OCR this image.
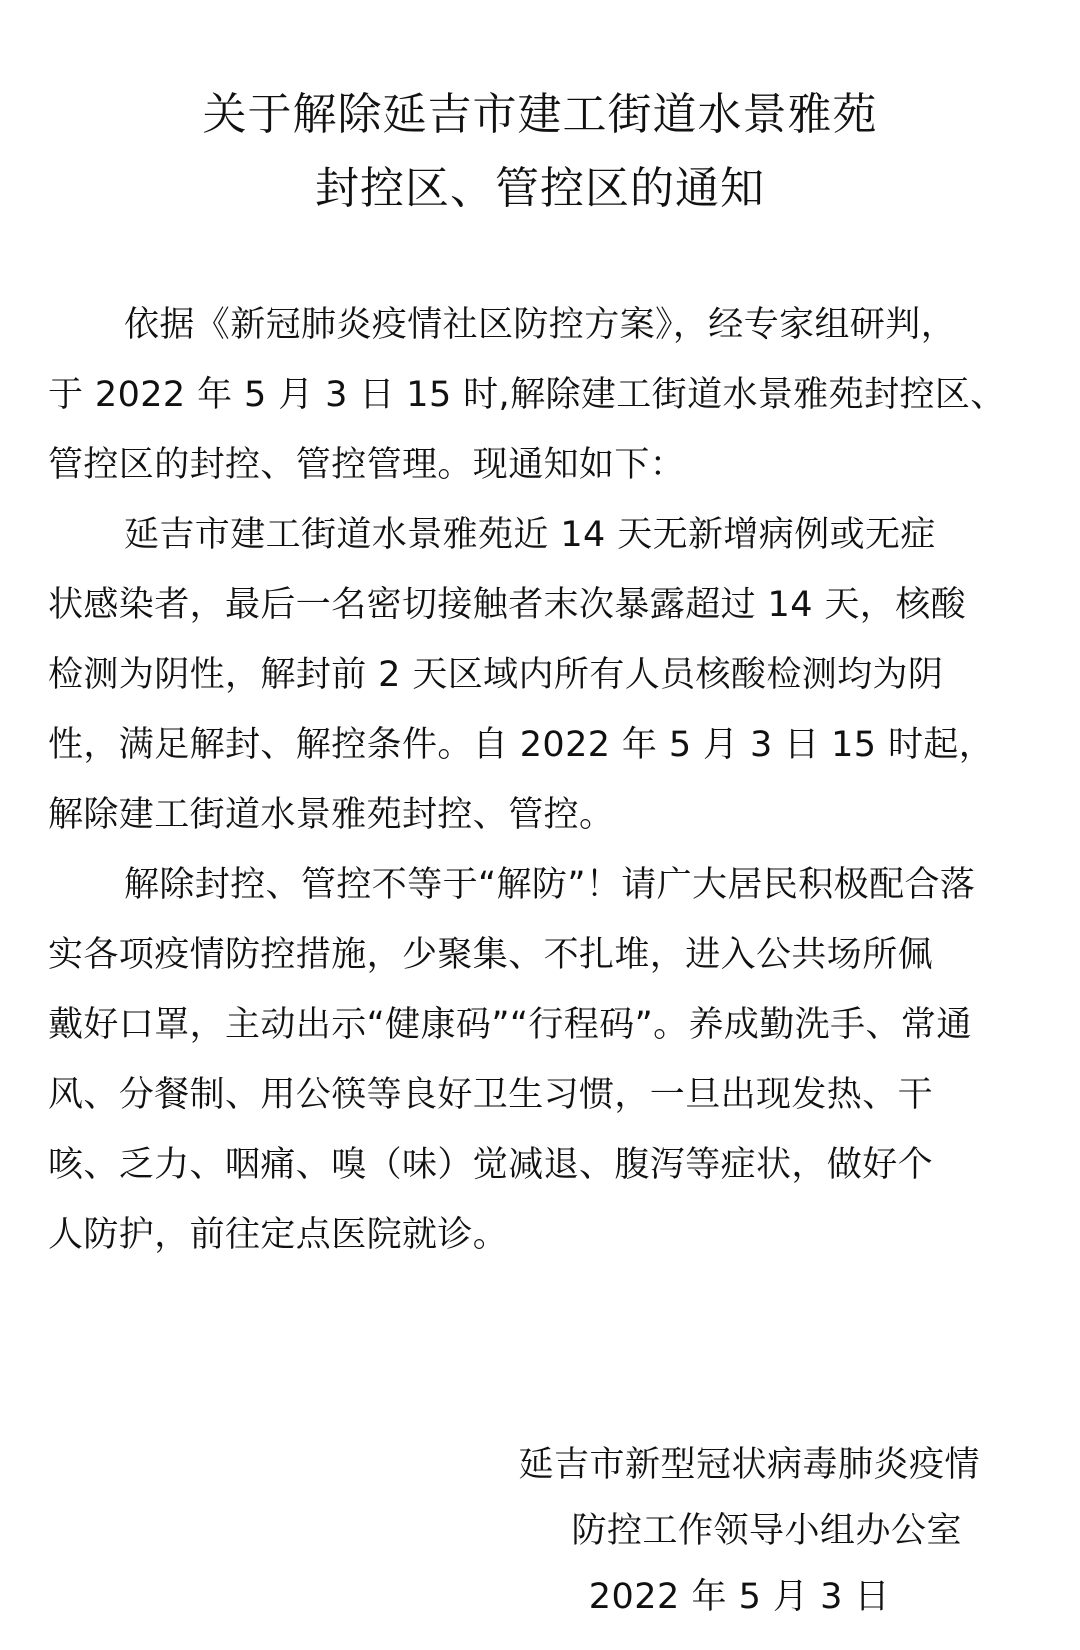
关于解除延吉市建工街道水景雅苑
封控区、管控区的通知
依据《新冠肺炎疫情社区防控方案》，经专家组研判，
于 2022 年 5 月 3 日 15 时,解除建工街道水景雅苑封控区、
管控区的封控、管控管理。现通知如下：
延吉市建工街道水景雅苑近 14 天无新增病例或无症
状感染者，最后一名密切接触者末次暴露超过 14 天，核酸
检测为阴性，解封前 2 天区域内所有人员核酸检测均为阴
性，满足解封、解控条件。自 2022 年 5 月 3 日 15 时起，
解除建工街道水景雅苑封控、管控。
解除封控、管控不等于“解防”！请广大居民积极配合落
实各项疫情防控措施，少聚集、不扎堆，进入公共场所佩
戴好口罩，主动出示“健康码”“行程码”。养成勤洗手、常通
风、分餐制、用公筷等良好卫生习惯，一旦出现发热、干
咳、乏力、咽痛、嗅（味）觉减退、腹泻等症状，做好个
人防护，前往定点医院就诊。
延吉市新型冠状病毒肺炎疫情
防控工作领导小组办公室
2022 年 5 月 3 日
